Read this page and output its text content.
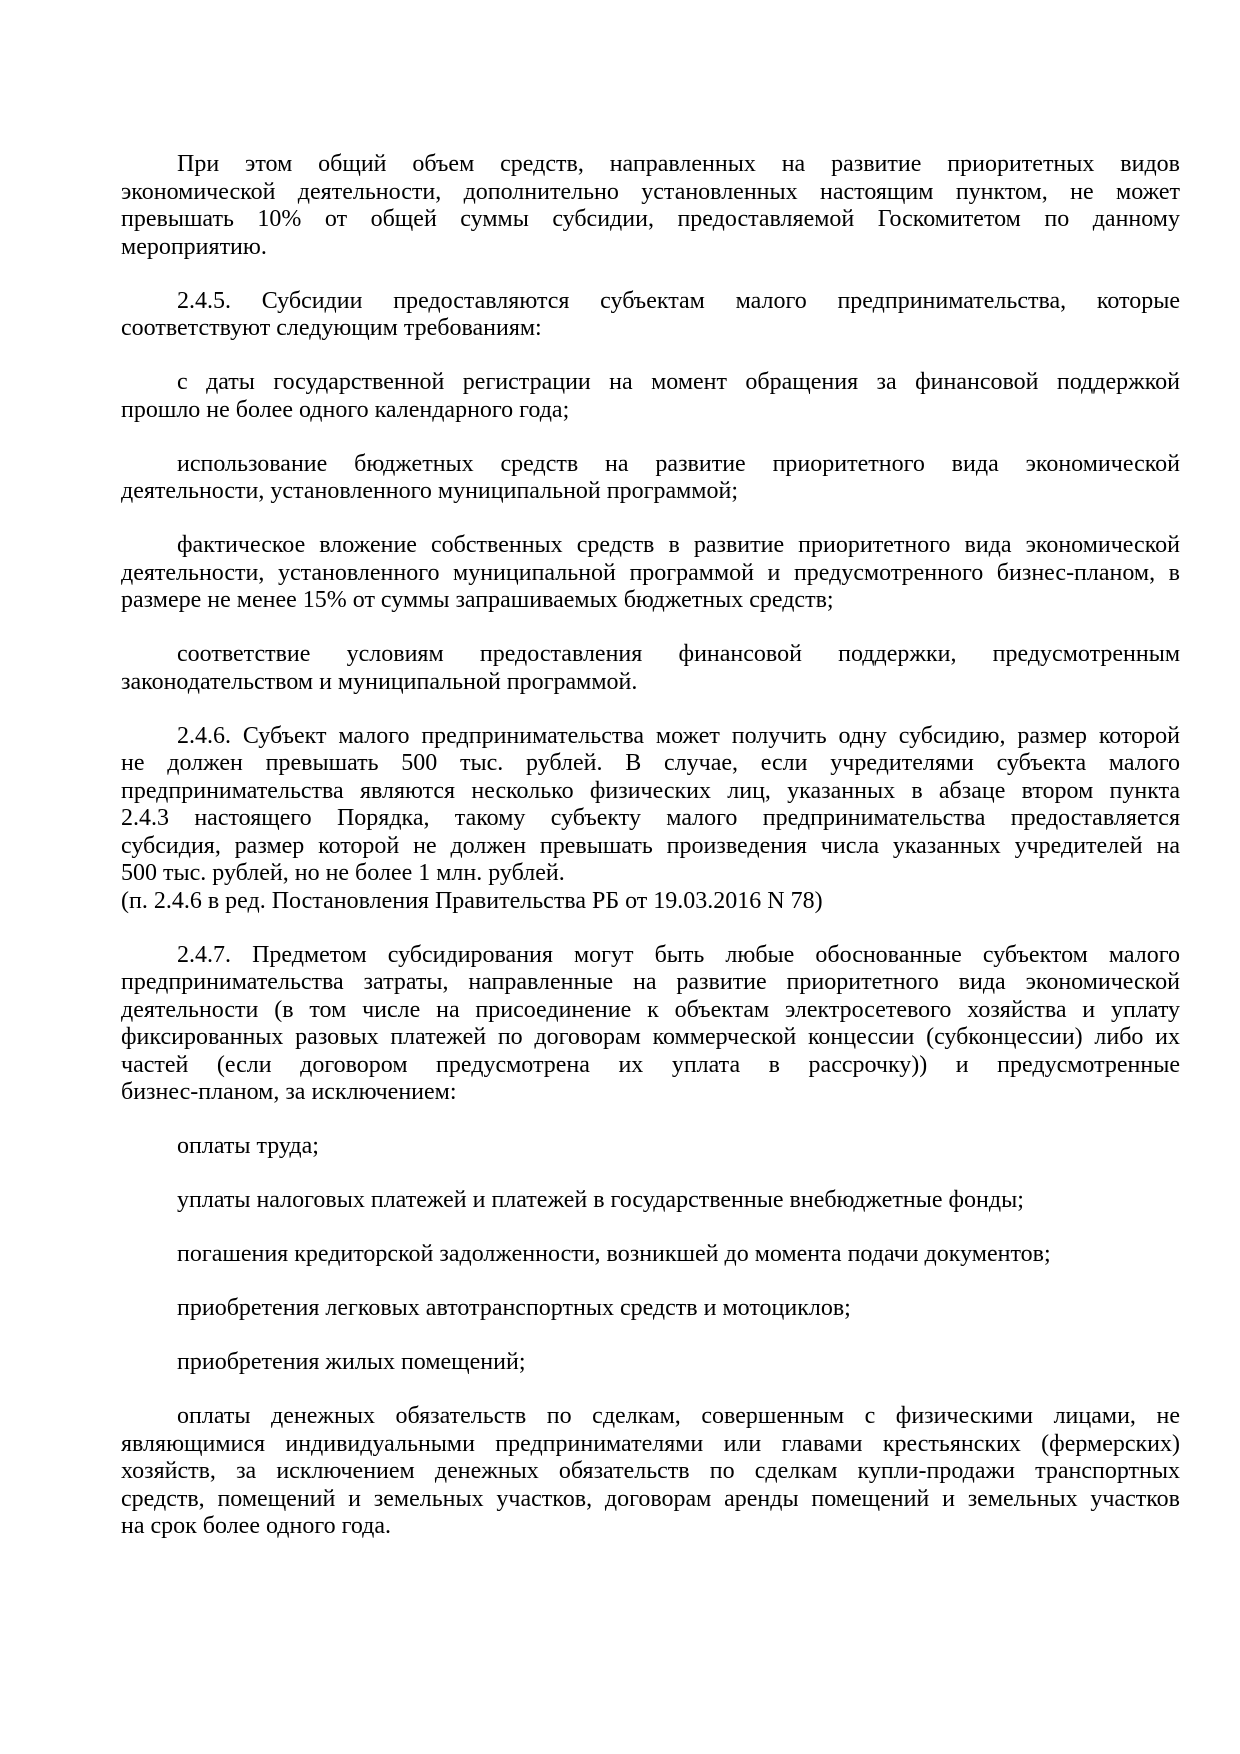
При этом общий объем средств, направленных на развитие приоритетных видов
экономической деятельности, дополнительно установленных настоящим пунктом, не может
превышать 10% от общей суммы субсидии, предоставляемой Госкомитетом по данному
мероприятию.
2.4.5. Субсидии предоставляются субъектам малого предпринимательства, которые
соответствуют следующим требованиям:
с даты государственной регистрации на момент обращения за финансовой поддержкой
прошло не более одного календарного года;
использование бюджетных средств на развитие приоритетного вида экономической
деятельности, установленного муниципальной программой;
фактическое вложение собственных средств в развитие приоритетного вида экономической
деятельности, установленного муниципальной программой и предусмотренного бизнес-планом, в
размере не менее 15% от суммы запрашиваемых бюджетных средств;
соответствие условиям предоставления финансовой поддержки, предусмотренным
законодательством и муниципальной программой.
2.4.6. Субъект малого предпринимательства может получить одну субсидию, размер которой
не должен превышать 500 тыс. рублей. В случае, если учредителями субъекта малого
предпринимательства являются несколько физических лиц, указанных в абзаце втором пункта
2.4.3 настоящего Порядка, такому субъекту малого предпринимательства предоставляется
субсидия, размер которой не должен превышать произведения числа указанных учредителей на
500 тыс. рублей, но не более 1 млн. рублей.
(п. 2.4.6 в ред. Постановления Правительства РБ от 19.03.2016 N 78)
2.4.7. Предметом субсидирования могут быть любые обоснованные субъектом малого
предпринимательства затраты, направленные на развитие приоритетного вида экономической
деятельности (в том числе на присоединение к объектам электросетевого хозяйства и уплату
фиксированных разовых платежей по договорам коммерческой концессии (субконцессии) либо их
частей (если договором предусмотрена их уплата в рассрочку)) и предусмотренные
бизнес-планом, за исключением:
оплаты труда;
уплаты налоговых платежей и платежей в государственные внебюджетные фонды;
погашения кредиторской задолженности, возникшей до момента подачи документов;
приобретения легковых автотранспортных средств и мотоциклов;
приобретения жилых помещений;
оплаты денежных обязательств по сделкам, совершенным с физическими лицами, не
являющимися индивидуальными предпринимателями или главами крестьянских (фермерских)
хозяйств, за исключением денежных обязательств по сделкам купли-продажи транспортных
средств, помещений и земельных участков, договорам аренды помещений и земельных участков
на срок более одного года.
